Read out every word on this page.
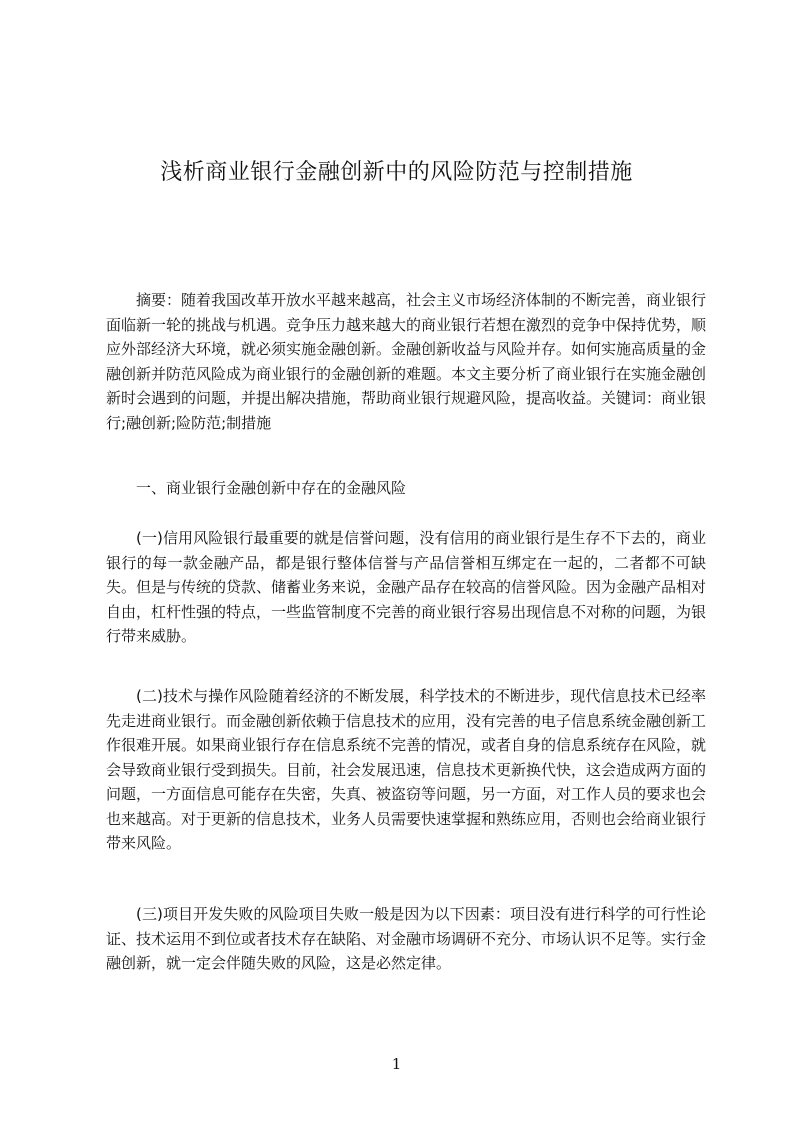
浅析商业银行金融创新中的风险防范与控制措施

摘要：随着我国改革开放水平越来越高，社会主义市场经济体制的不断完善，商业银行面临新一轮的挑战与机遇。竞争压力越来越大的商业银行若想在激烈的竞争中保持优势，顺应外部经济大环境，就必须实施金融创新。金融创新收益与风险并存。如何实施高质量的金融创新并防范风险成为商业银行的金融创新的难题。本文主要分析了商业银行在实施金融创新时会遇到的问题，并提出解决措施，帮助商业银行规避风险，提高收益。关键词：商业银行;融创新;险防范;制措施

一、商业银行金融创新中存在的金融风险

(一)信用风险银行最重要的就是信誉问题，没有信用的商业银行是生存不下去的，商业银行的每一款金融产品，都是银行整体信誉与产品信誉相互绑定在一起的，二者都不可缺失。但是与传统的贷款、储蓄业务来说，金融产品存在较高的信誉风险。因为金融产品相对自由，杠杆性强的特点，一些监管制度不完善的商业银行容易出现信息不对称的问题，为银行带来威胁。

(二)技术与操作风险随着经济的不断发展，科学技术的不断进步，现代信息技术已经率先走进商业银行。而金融创新依赖于信息技术的应用，没有完善的电子信息系统金融创新工作很难开展。如果商业银行存在信息系统不完善的情况，或者自身的信息系统存在风险，就会导致商业银行受到损失。目前，社会发展迅速，信息技术更新换代快，这会造成两方面的问题，一方面信息可能存在失密，失真、被盗窃等问题，另一方面，对工作人员的要求也会也来越高。对于更新的信息技术，业务人员需要快速掌握和熟练应用，否则也会给商业银行带来风险。

(三)项目开发失败的风险项目失败一般是因为以下因素：项目没有进行科学的可行性论证、技术运用不到位或者技术存在缺陷、对金融市场调研不充分、市场认识不足等。实行金融创新，就一定会伴随失败的风险，这是必然定律。

1
